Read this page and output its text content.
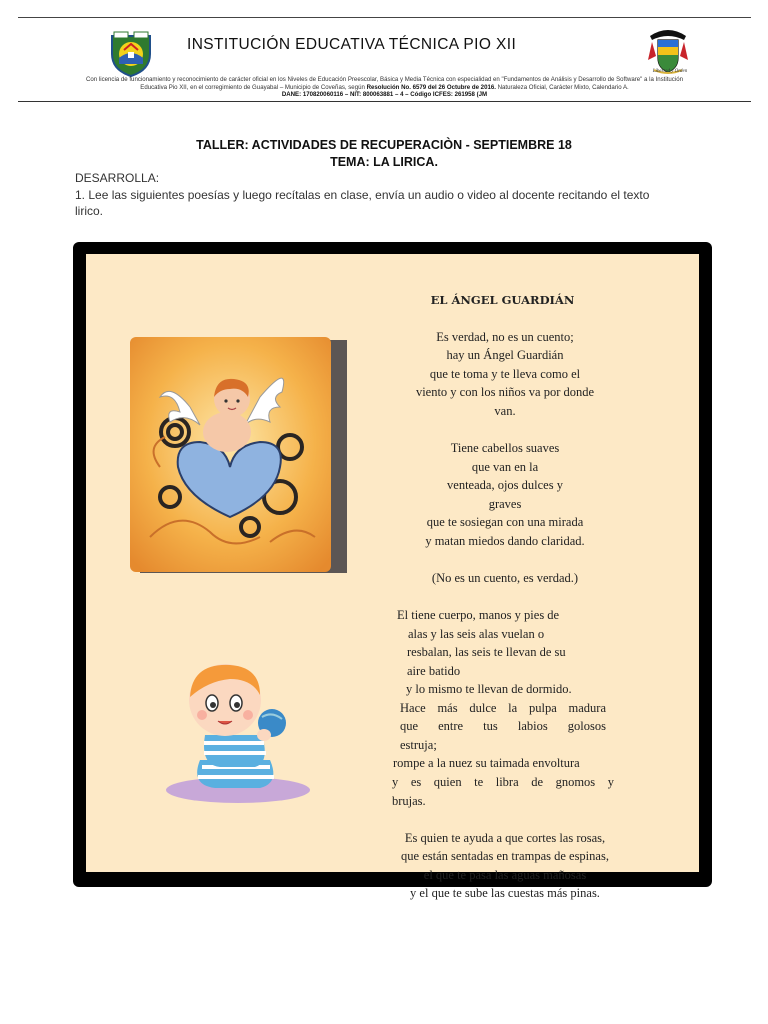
INSTITUCIÓN EDUCATIVA TÉCNICA PIO XII
Libertad y Orden
Con licencia de funcionamiento y reconocimiento de carácter oficial en los Niveles de Educación Preescolar, Básica y Media Técnica con especialidad en "Fundamentos de Análisis y Desarrollo de Software" a la Institución
Educativa Pio XII, en el corregimiento de Guayabal – Municipio de Coveñas, según Resolución No. 6579 del 26 Octubre de 2016. Naturaleza Oficial, Carácter Mixto, Calendario A.
DANE: 170820060116 – NIT: 800063881 – 4 – Código ICFES: 261958 (JM
TALLER: ACTIVIDADES DE RECUPERACIÒN - SEPTIEMBRE 18
TEMA: LA LIRICA.
DESARROLLA:
1. Lee las siguientes poesías y luego recítalas en clase, envía un audio o video al docente recitando el texto
lirico.
EL ÁNGEL GUARDIÁN
Es verdad, no es un cuento;
hay un Ángel Guardián
que te toma y te lleva como el
viento y con los niños va por donde
van.
Tiene cabellos suaves
que van en la
venteada, ojos dulces y
graves
que te sosiegan con una mirada
y matan miedos dando claridad.
(No es un cuento, es verdad.)
El tiene cuerpo, manos y pies de
alas y las seis alas vuelan o
resbalan, las seis te llevan de su
aire batido
y lo mismo te llevan de dormido.
Hace más dulce la pulpa madura
que entre tus labios golosos
estruja;
rompe a la nuez su taimada envoltura
y es quien te libra de gnomos y
brujas.
Es quien te ayuda a que cortes las rosas,
que están sentadas en trampas de espinas,
el que te pasa las aguas mañosas
y el que te sube las cuestas más pinas.
